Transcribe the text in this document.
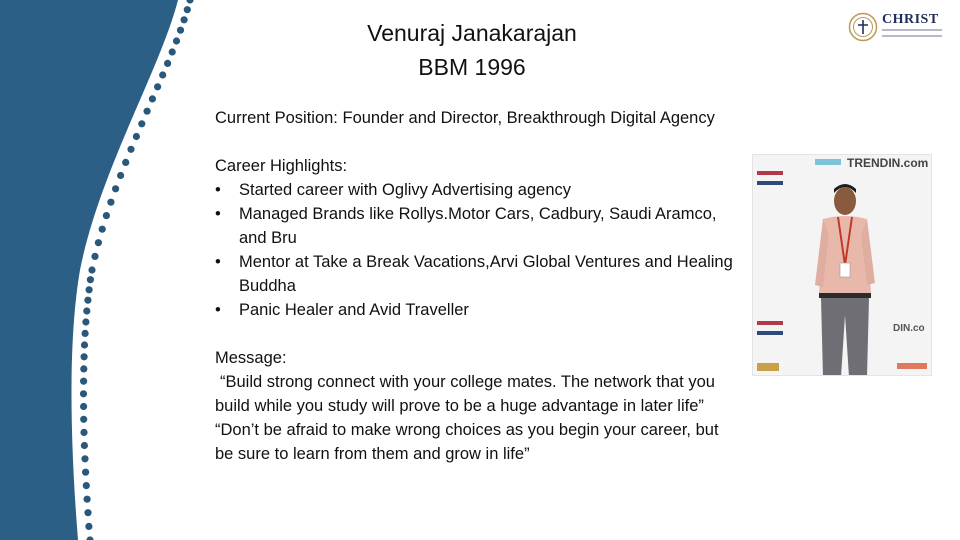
Venuraj Janakarajan
BBM 1996

Current Position: Founder and Director, Breakthrough Digital Agency

Career Highlights:

• Started career with Oglivy Advertising agency
• Managed Brands like Rollys.Motor Cars, Cadbury, Saudi Aramco, and Bru
• Mentor at Take a Break Vacations,Arvi Global Ventures and Healing Buddha
• Panic Healer and Avid Traveller

Message:

“Build strong connect with your college mates. The network that you build while you study will prove to be a huge advantage in later life”

“Don’t be afraid to make wrong choices as you begin your career, but be sure to learn from them and grow in life”

CHRIST
TRENDIN.com
DIN.co
